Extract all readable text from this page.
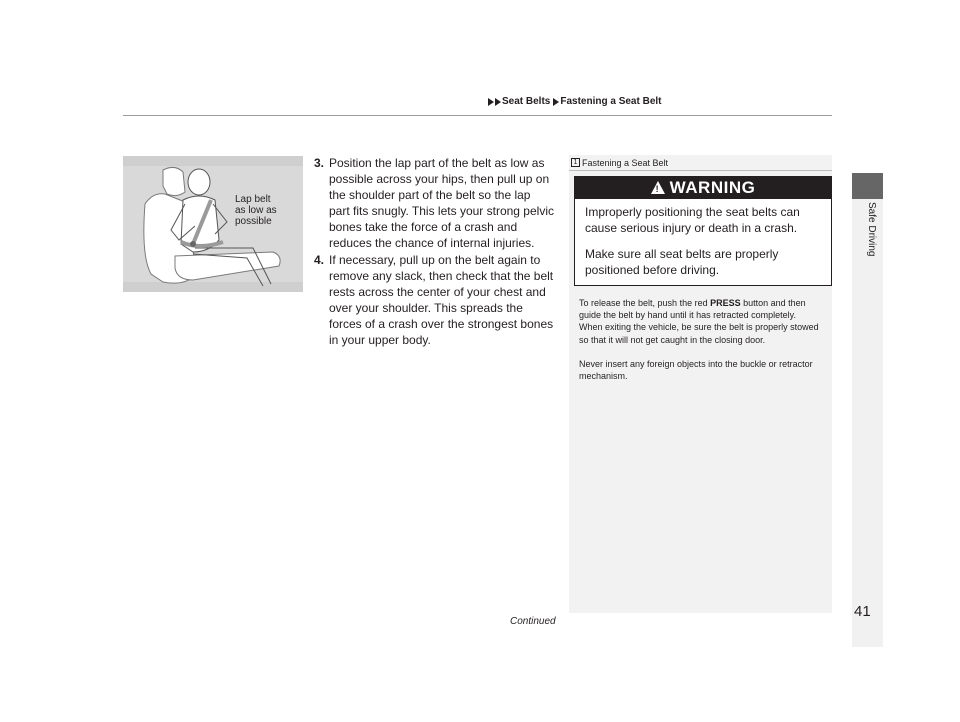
Seat Belts Fastening a Seat Belt
Safe Driving
Lap belt
as low as
possible

3. Position the lap part of the belt as low as possible across your hips, then pull up on the shoulder part of the belt so the lap part fits snugly. This lets your strong pelvic bones take the force of a crash and reduces the chance of internal injuries.

4. If necessary, pull up on the belt again to remove any slack, then check that the belt rests across the center of your chest and over your shoulder. This spreads the forces of a crash over the strongest bones in your upper body.

1 Fastening a Seat Belt
! WARNING

Improperly positioning the seat belts can cause serious injury or death in a crash.

Make sure all seat belts are properly positioned before driving.

To release the belt, push the red PRESS button and then guide the belt by hand until it has retracted completely.

When exiting the vehicle, be sure the belt is properly stowed so that it will not get caught in the closing door.

Never insert any foreign objects into the buckle or retractor mechanism.

Continued
41
